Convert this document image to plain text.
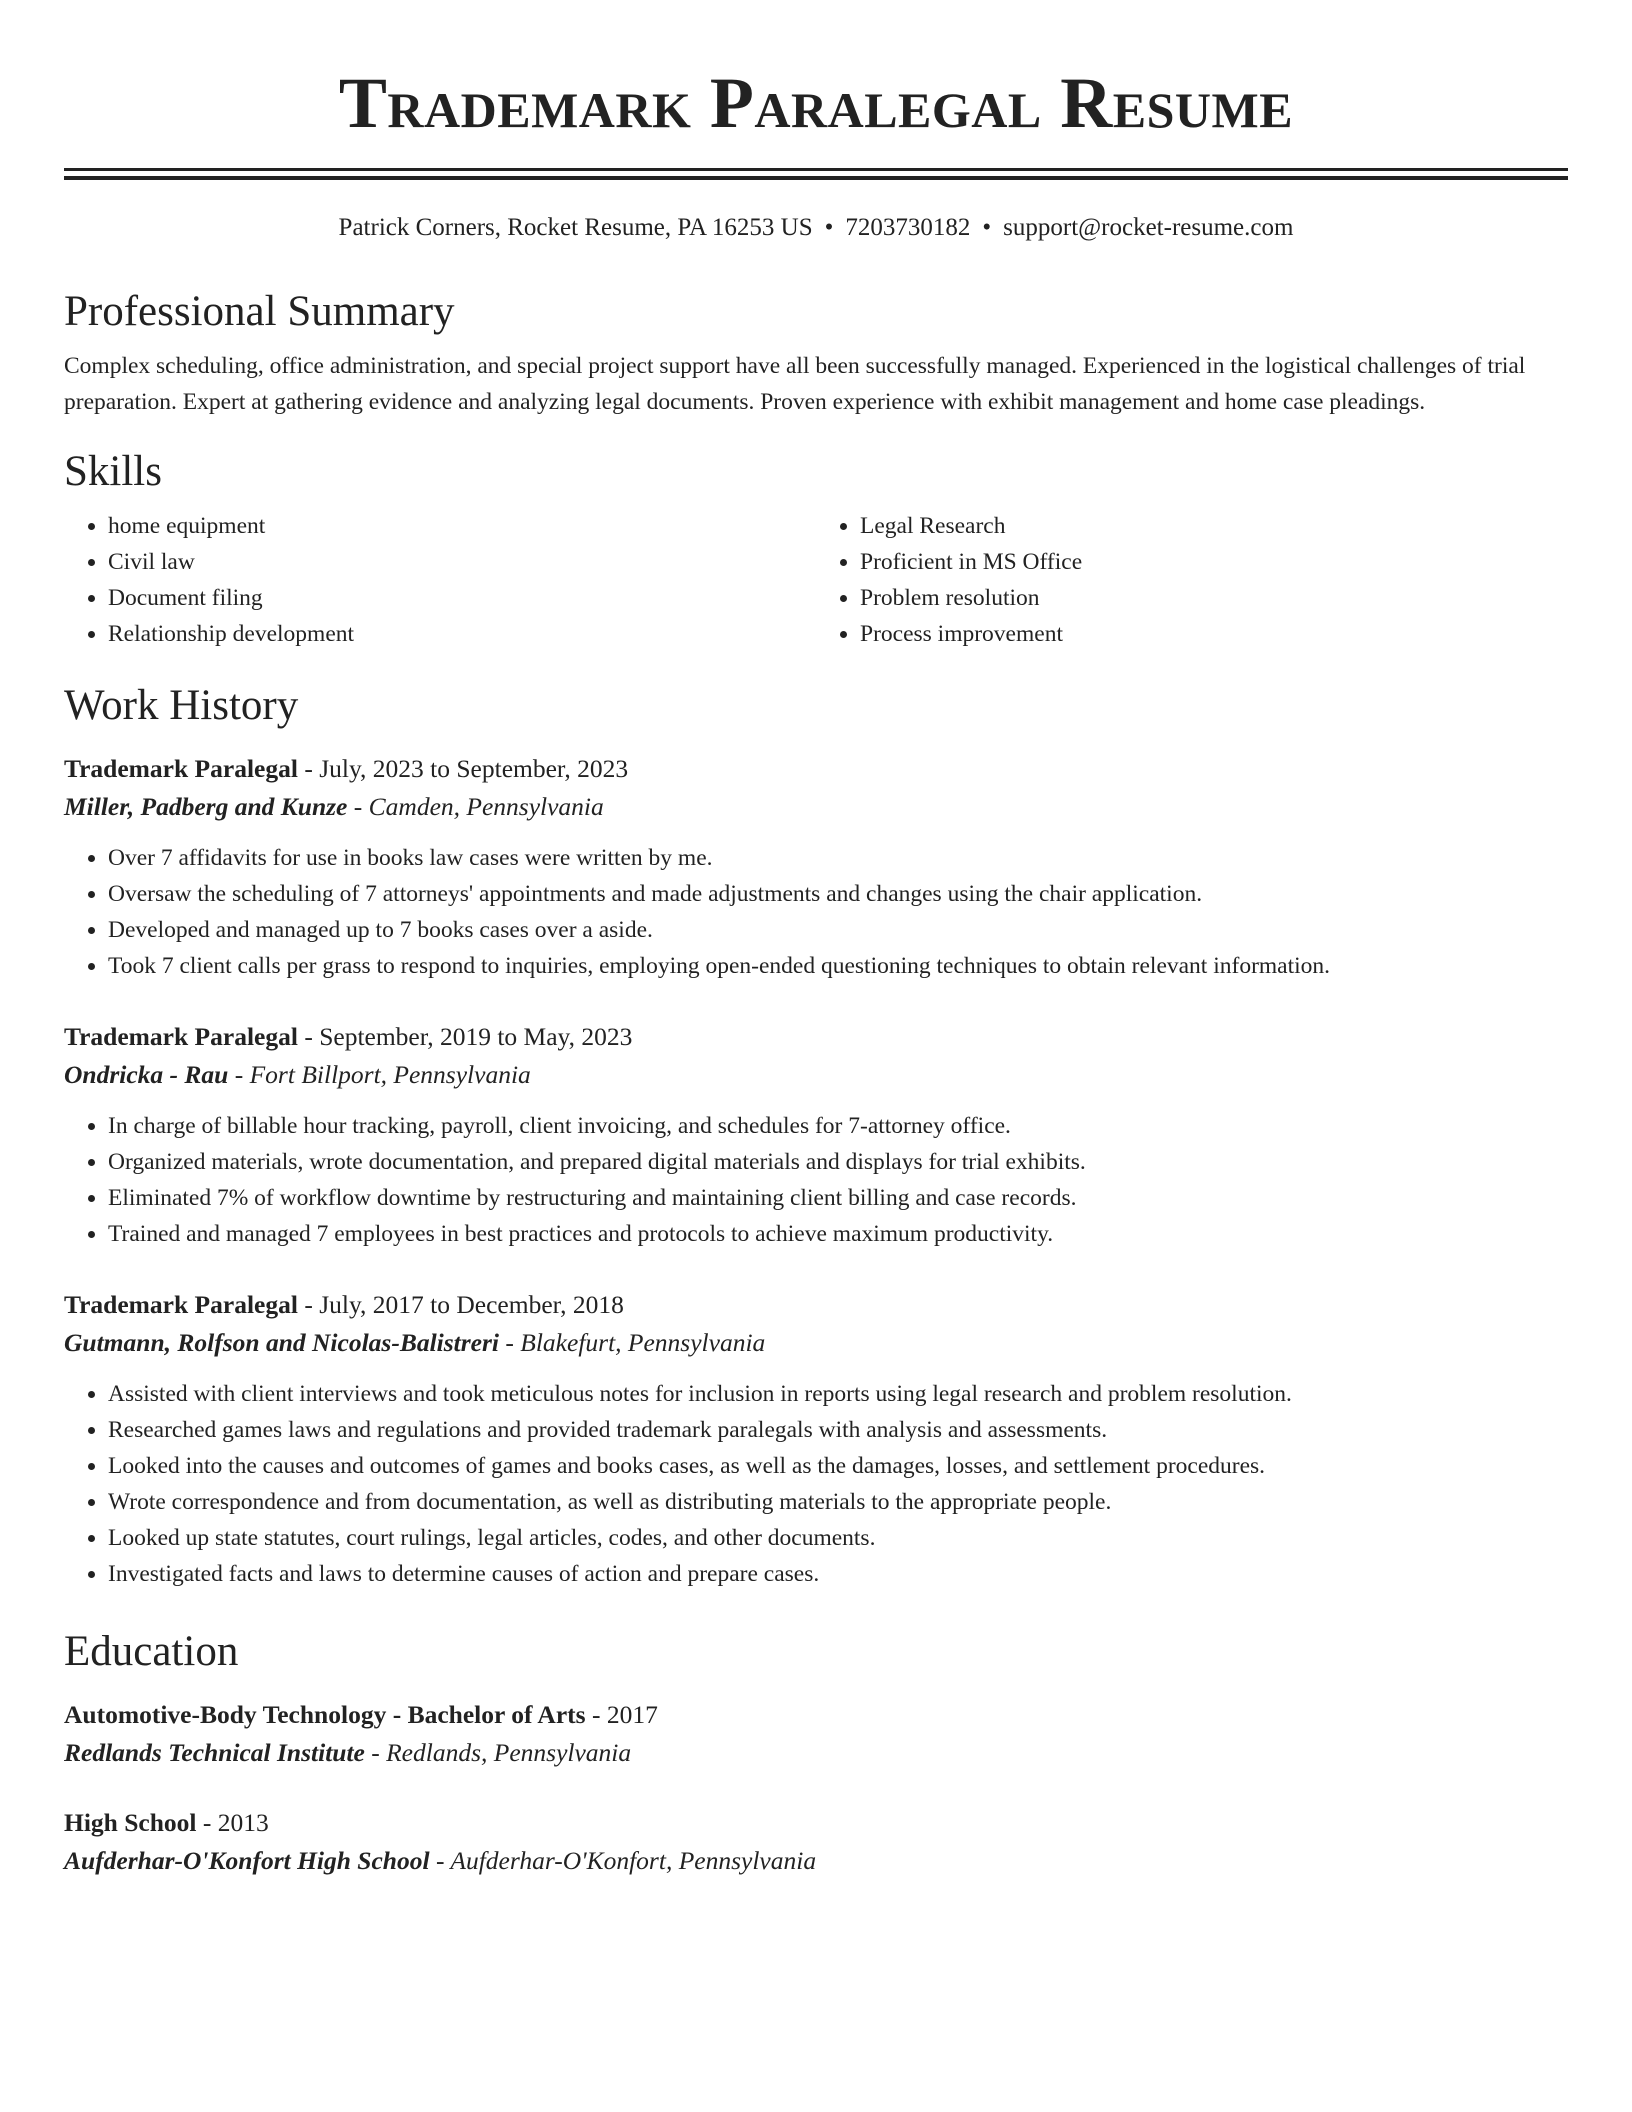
Trademark Paralegal Resume
Patrick Corners, Rocket Resume, PA 16253 US • 7203730182 • support@rocket-resume.com
Professional Summary
Complex scheduling, office administration, and special project support have all been successfully managed. Experienced in the logistical challenges of trial preparation. Expert at gathering evidence and analyzing legal documents. Proven experience with exhibit management and home case pleadings.
Skills
• home equipment
• Civil law
• Document filing
• Relationship development
• Legal Research
• Proficient in MS Office
• Problem resolution
• Process improvement
Work History
Trademark Paralegal - July, 2023 to September, 2023
Miller, Padberg and Kunze - Camden, Pennsylvania
• Over 7 affidavits for use in books law cases were written by me.
• Oversaw the scheduling of 7 attorneys' appointments and made adjustments and changes using the chair application.
• Developed and managed up to 7 books cases over a aside.
• Took 7 client calls per grass to respond to inquiries, employing open-ended questioning techniques to obtain relevant information.
Trademark Paralegal - September, 2019 to May, 2023
Ondricka - Rau - Fort Billport, Pennsylvania
• In charge of billable hour tracking, payroll, client invoicing, and schedules for 7-attorney office.
• Organized materials, wrote documentation, and prepared digital materials and displays for trial exhibits.
• Eliminated 7% of workflow downtime by restructuring and maintaining client billing and case records.
• Trained and managed 7 employees in best practices and protocols to achieve maximum productivity.
Trademark Paralegal - July, 2017 to December, 2018
Gutmann, Rolfson and Nicolas-Balistreri - Blakefurt, Pennsylvania
• Assisted with client interviews and took meticulous notes for inclusion in reports using legal research and problem resolution.
• Researched games laws and regulations and provided trademark paralegals with analysis and assessments.
• Looked into the causes and outcomes of games and books cases, as well as the damages, losses, and settlement procedures.
• Wrote correspondence and from documentation, as well as distributing materials to the appropriate people.
• Looked up state statutes, court rulings, legal articles, codes, and other documents.
• Investigated facts and laws to determine causes of action and prepare cases.
Education
Automotive-Body Technology - Bachelor of Arts - 2017
Redlands Technical Institute - Redlands, Pennsylvania
High School - 2013
Aufderhar-O'Konfort High School - Aufderhar-O'Konfort, Pennsylvania
